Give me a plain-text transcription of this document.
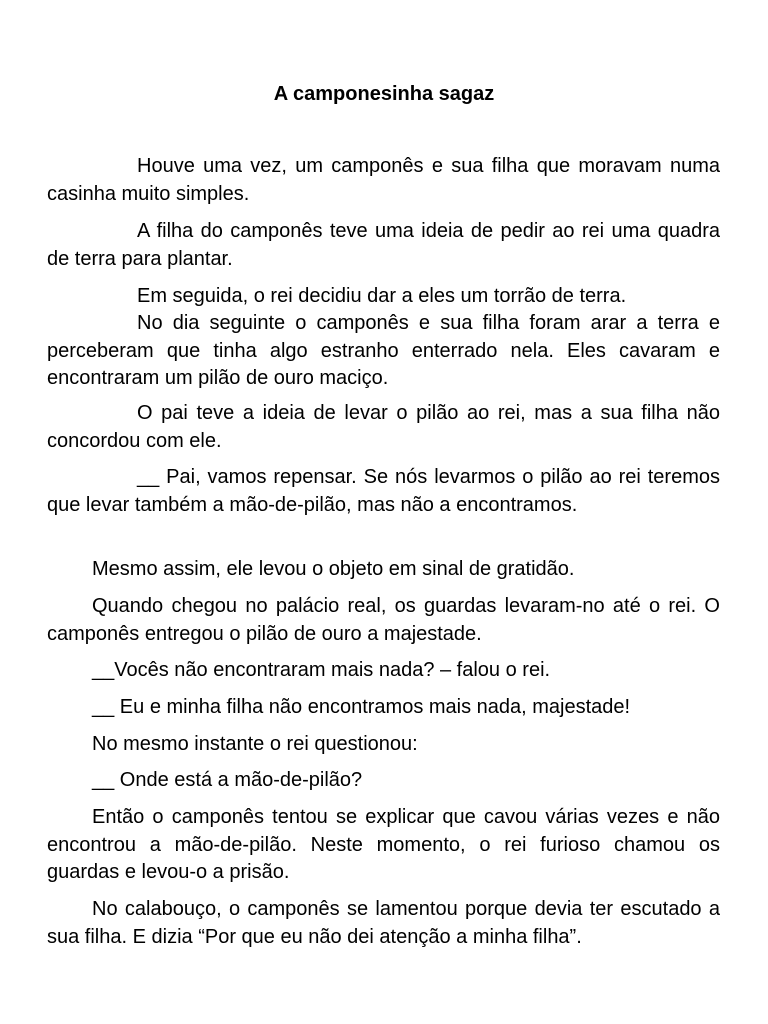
A camponesinha sagaz

Houve uma vez, um camponês e sua filha que moravam numa casinha muito simples.

A filha do camponês teve uma ideia de pedir ao rei uma quadra de terra para plantar.

Em seguida, o rei decidiu dar a eles um torrão de terra.

No dia seguinte o camponês e sua filha foram arar a terra e perceberam que tinha algo estranho enterrado nela. Eles cavaram e encontraram um pilão de ouro maciço.

O pai teve a ideia de levar o pilão ao rei, mas a sua filha não concordou com ele.

__ Pai, vamos repensar. Se nós levarmos o pilão ao rei teremos que levar também a mão-de-pilão, mas não a encontramos.

Mesmo assim, ele levou o objeto em sinal de gratidão.

Quando chegou no palácio real, os guardas levaram-no até o rei. O camponês entregou o pilão de ouro a majestade.

__Vocês não encontraram mais nada? – falou o rei.

__ Eu e minha filha não encontramos mais nada, majestade!

No mesmo instante o rei questionou:

__ Onde está a mão-de-pilão?

Então o camponês tentou se explicar que cavou várias vezes e não encontrou a mão-de-pilão. Neste momento, o rei furioso chamou os guardas e levou-o a prisão.

No calabouço, o camponês se lamentou porque devia ter escutado a sua filha. E dizia “Por que eu não dei atenção a minha filha”.
